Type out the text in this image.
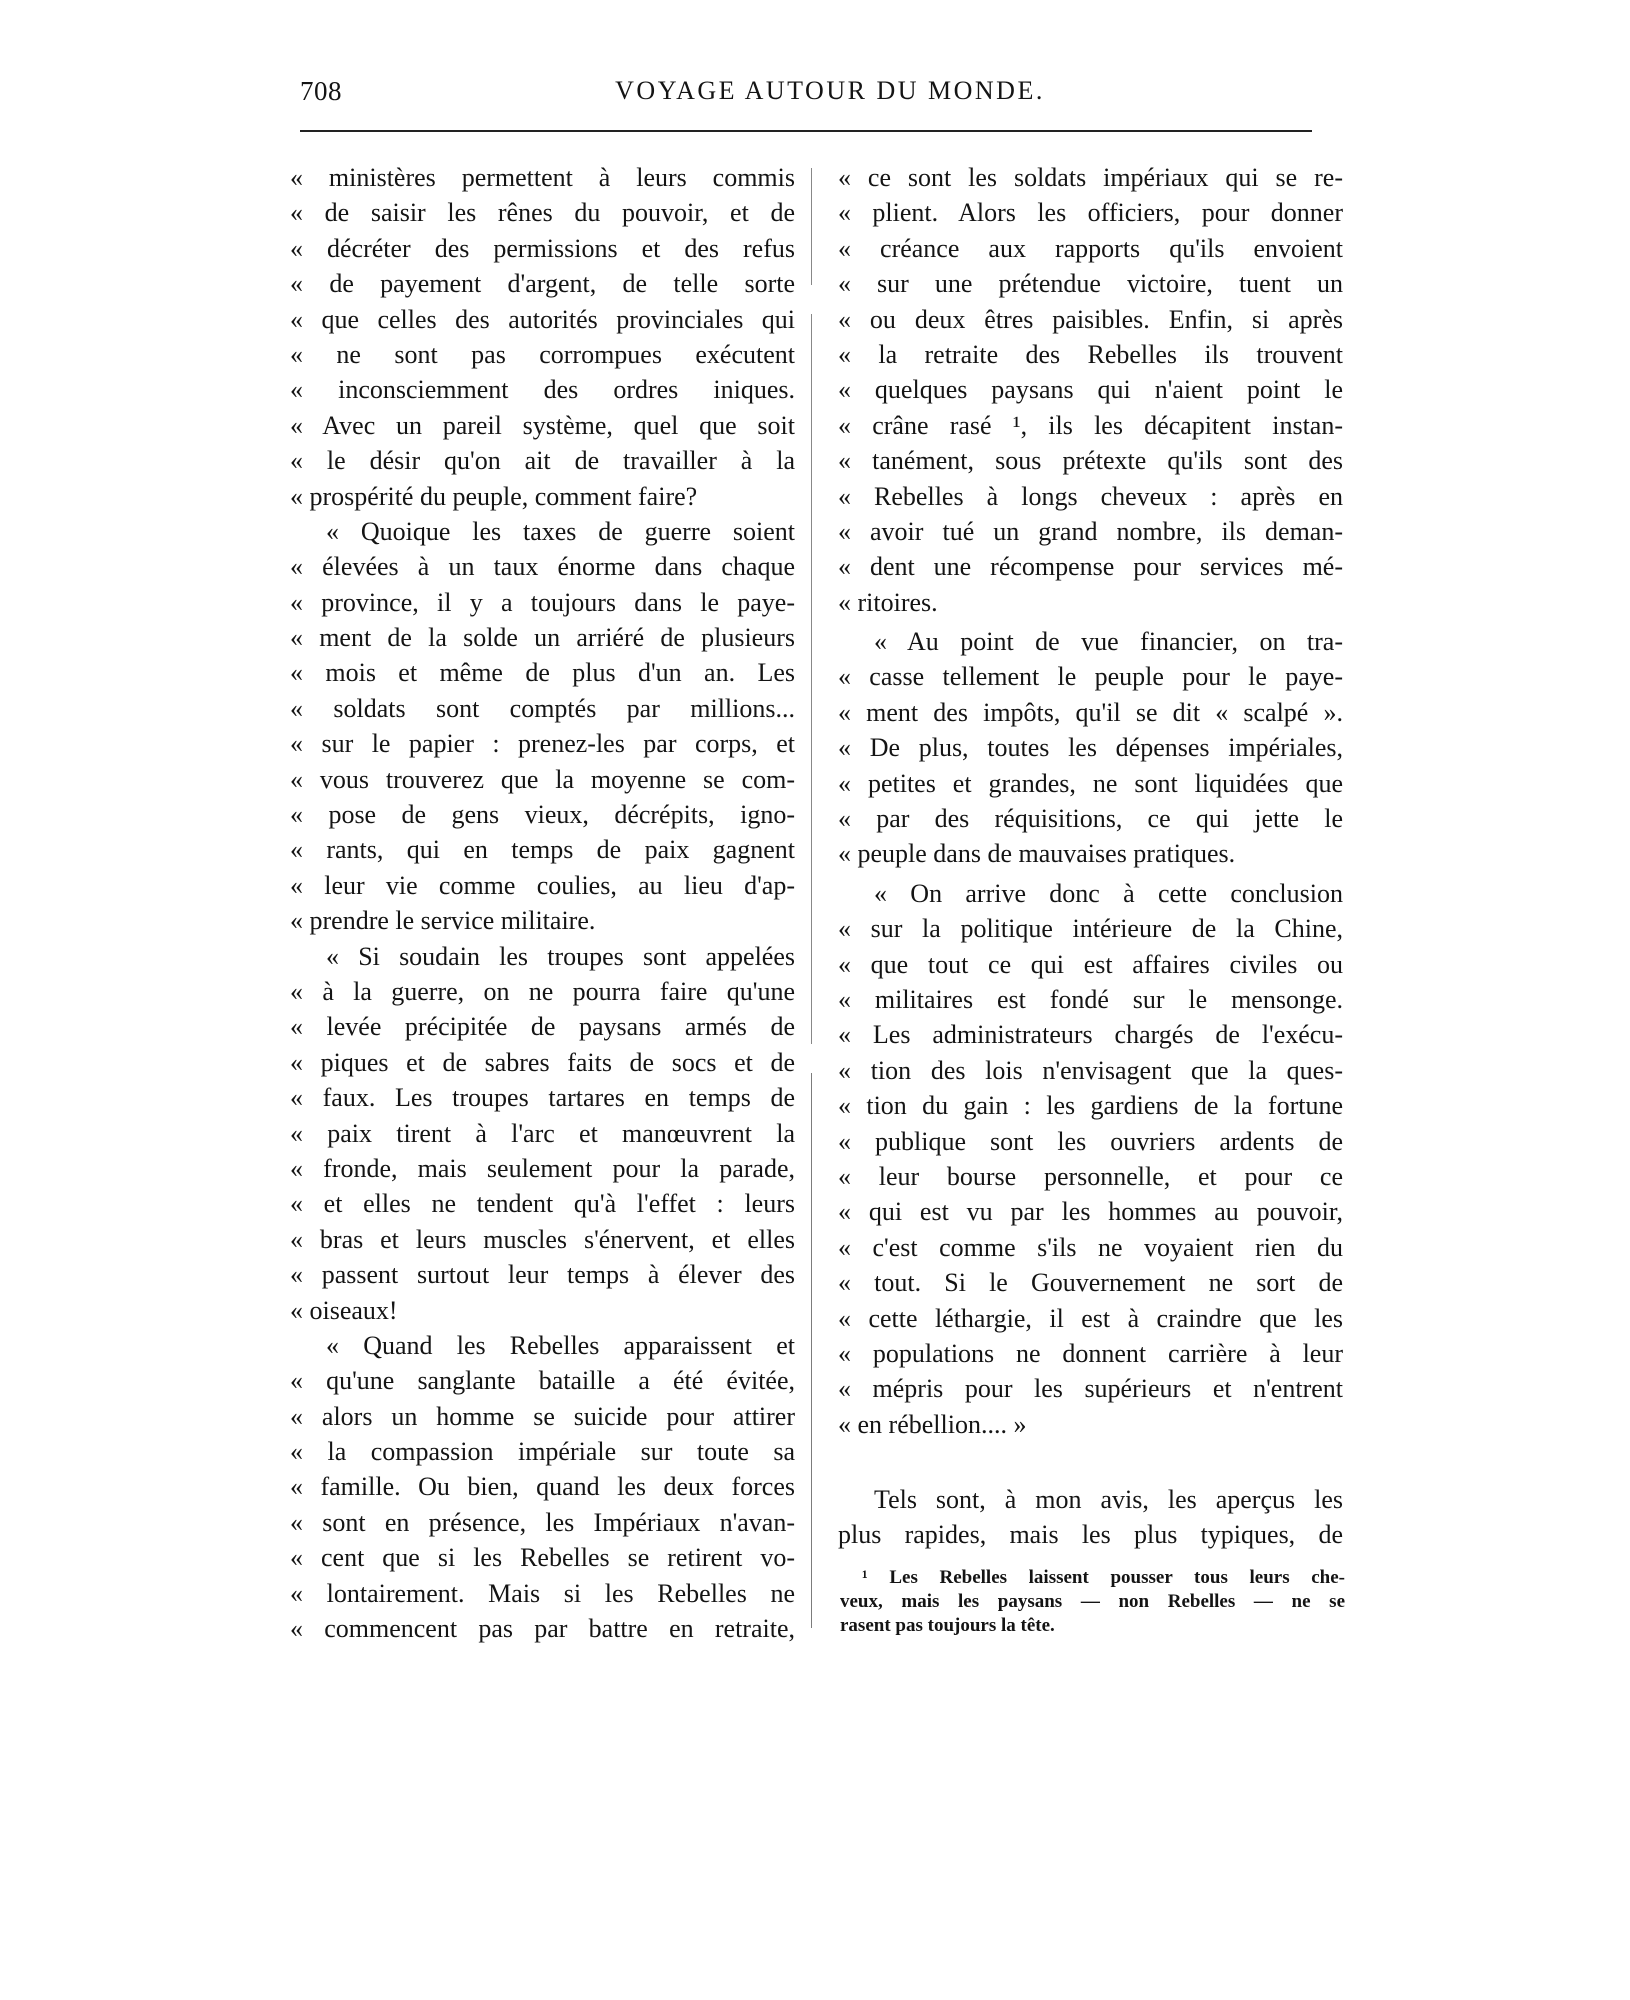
708	VOYAGE AUTOUR DU MONDE.
« ministères permettent à leurs commis
« de saisir les rênes du pouvoir, et de
« décréter des permissions et des refus
« de payement d'argent, de telle sorte
« que celles des autorités provinciales qui
« ne sont pas corrompues exécutent
« inconsciemment des ordres iniques.
« Avec un pareil système, quel que soit
« le désir qu'on ait de travailler à la
« prospérité du peuple, comment faire?
« Quoique les taxes de guerre soient
« élevées à un taux énorme dans chaque
« province, il y a toujours dans le paye-
« ment de la solde un arriéré de plusieurs
« mois et même de plus d'un an. Les
« soldats sont comptés par millions...
« sur le papier : prenez-les par corps, et
« vous trouverez que la moyenne se com-
« pose de gens vieux, décrépits, igno-
« rants, qui en temps de paix gagnent
« leur vie comme coulies, au lieu d'ap-
« prendre le service militaire.
« Si soudain les troupes sont appelées
« à la guerre, on ne pourra faire qu'une
« levée précipitée de paysans armés de
« piques et de sabres faits de socs et de
« faux. Les troupes tartares en temps de
« paix tirent à l'arc et manœuvrent la
« fronde, mais seulement pour la parade,
« et elles ne tendent qu'à l'effet : leurs
« bras et leurs muscles s'énervent, et elles
« passent surtout leur temps à élever des
« oiseaux!
« Quand les Rebelles apparaissent et
« qu'une sanglante bataille a été évitée,
« alors un homme se suicide pour attirer
« la compassion impériale sur toute sa
« famille. Ou bien, quand les deux forces
« sont en présence, les Impériaux n'avan-
« cent que si les Rebelles se retirent vo-
« lontairement. Mais si les Rebelles ne
« commencent pas par battre en retraite,
« ce sont les soldats impériaux qui se re-
« plient. Alors les officiers, pour donner
« créance aux rapports qu'ils envoient
« sur une prétendue victoire, tuent un
« ou deux êtres paisibles. Enfin, si après
« la retraite des Rebelles ils trouvent
« quelques paysans qui n'aient point le
« crâne rasé ¹, ils les décapitent instan-
« tanément, sous prétexte qu'ils sont des
« Rebelles à longs cheveux : après en
« avoir tué un grand nombre, ils deman-
« dent une récompense pour services mé-
« ritoires.
« Au point de vue financier, on tra-
« casse tellement le peuple pour le paye-
« ment des impôts, qu'il se dit « scalpé ».
« De plus, toutes les dépenses impériales,
« petites et grandes, ne sont liquidées que
« par des réquisitions, ce qui jette le
« peuple dans de mauvaises pratiques.
« On arrive donc à cette conclusion
« sur la politique intérieure de la Chine,
« que tout ce qui est affaires civiles ou
« militaires est fondé sur le mensonge.
« Les administrateurs chargés de l'exécu-
« tion des lois n'envisagent que la ques-
« tion du gain : les gardiens de la fortune
« publique sont les ouvriers ardents de
« leur bourse personnelle, et pour ce
« qui est vu par les hommes au pouvoir,
« c'est comme s'ils ne voyaient rien du
« tout. Si le Gouvernement ne sort de
« cette léthargie, il est à craindre que les
« populations ne donnent carrière à leur
« mépris pour les supérieurs et n'entrent
« en rébellion.... »
Tels sont, à mon avis, les aperçus les
plus rapides, mais les plus typiques, de
¹ Les Rebelles laissent pousser tous leurs che-
veux, mais les paysans — non Rebelles — ne se
rasent pas toujours la tête.
